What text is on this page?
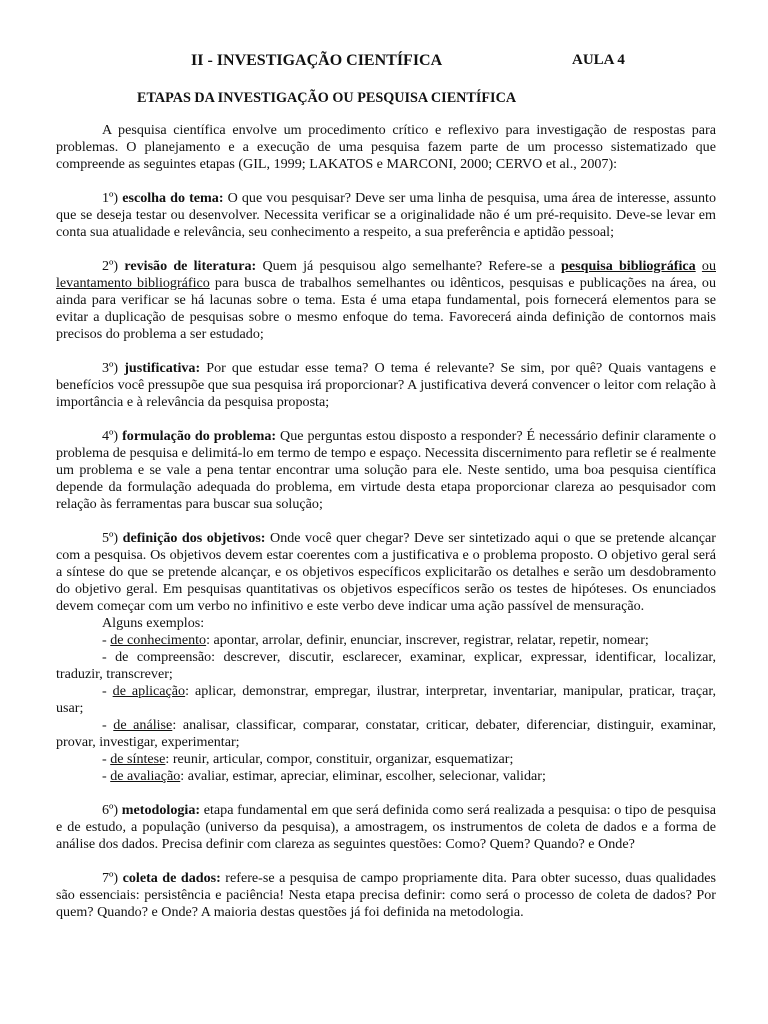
II - INVESTIGAÇÃO CIENTÍFICA	AULA 4
ETAPAS DA INVESTIGAÇÃO OU PESQUISA CIENTÍFICA

A pesquisa científica envolve um procedimento crítico e reflexivo para investigação de respostas para problemas. O planejamento e a execução de uma pesquisa fazem parte de um processo sistematizado que compreende as seguintes etapas (GIL, 1999; LAKATOS e MARCONI, 2000; CERVO et al., 2007):

1º) escolha do tema: O que vou pesquisar? Deve ser uma linha de pesquisa, uma área de interesse, assunto que se deseja testar ou desenvolver. Necessita verificar se a originalidade não é um pré-requisito. Deve-se levar em conta sua atualidade e relevância, seu conhecimento a respeito, a sua preferência e aptidão pessoal;

2º) revisão de literatura: Quem já pesquisou algo semelhante? Refere-se a pesquisa bibliográfica ou levantamento bibliográfico para busca de trabalhos semelhantes ou idênticos, pesquisas e publicações na área, ou ainda para verificar se há lacunas sobre o tema. Esta é uma etapa fundamental, pois fornecerá elementos para se evitar a duplicação de pesquisas sobre o mesmo enfoque do tema. Favorecerá ainda definição de contornos mais precisos do problema a ser estudado;

3º) justificativa: Por que estudar esse tema? O tema é relevante? Se sim, por quê? Quais vantagens e benefícios você pressupõe que sua pesquisa irá proporcionar? A justificativa deverá convencer o leitor com relação à importância e à relevância da pesquisa proposta;

4º) formulação do problema: Que perguntas estou disposto a responder? É necessário definir claramente o problema de pesquisa e delimitá-lo em termo de tempo e espaço. Necessita discernimento para refletir se é realmente um problema e se vale a pena tentar encontrar uma solução para ele. Neste sentido, uma boa pesquisa científica depende da formulação adequada do problema, em virtude desta etapa proporcionar clareza ao pesquisador com relação às ferramentas para buscar sua solução;

5º) definição dos objetivos: Onde você quer chegar? Deve ser sintetizado aqui o que se pretende alcançar com a pesquisa. Os objetivos devem estar coerentes com a justificativa e o problema proposto. O objetivo geral será a síntese do que se pretende alcançar, e os objetivos específicos explicitarão os detalhes e serão um desdobramento do objetivo geral. Em pesquisas quantitativas os objetivos específicos serão os testes de hipóteses. Os enunciados devem começar com um verbo no infinitivo e este verbo deve indicar uma ação passível de mensuração.

Alguns exemplos:

- de conhecimento: apontar, arrolar, definir, enunciar, inscrever, registrar, relatar, repetir, nomear;

- de compreensão: descrever, discutir, esclarecer, examinar, explicar, expressar, identificar, localizar, traduzir, transcrever;

- de aplicação: aplicar, demonstrar, empregar, ilustrar, interpretar, inventariar, manipular, praticar, traçar, usar;

- de análise: analisar, classificar, comparar, constatar, criticar, debater, diferenciar, distinguir, examinar, provar, investigar, experimentar;

- de síntese: reunir, articular, compor, constituir, organizar, esquematizar;

- de avaliação: avaliar, estimar, apreciar, eliminar, escolher, selecionar, validar;

6º) metodologia: etapa fundamental em que será definida como será realizada a pesquisa: o tipo de pesquisa e de estudo, a população (universo da pesquisa), a amostragem, os instrumentos de coleta de dados e a forma de análise dos dados. Precisa definir com clareza as seguintes questões: Como? Quem? Quando? e Onde?

7º) coleta de dados: refere-se a pesquisa de campo propriamente dita. Para obter sucesso, duas qualidades são essenciais: persistência e paciência! Nesta etapa precisa definir: como será o processo de coleta de dados? Por quem? Quando? e Onde? A maioria destas questões já foi definida na metodologia.
